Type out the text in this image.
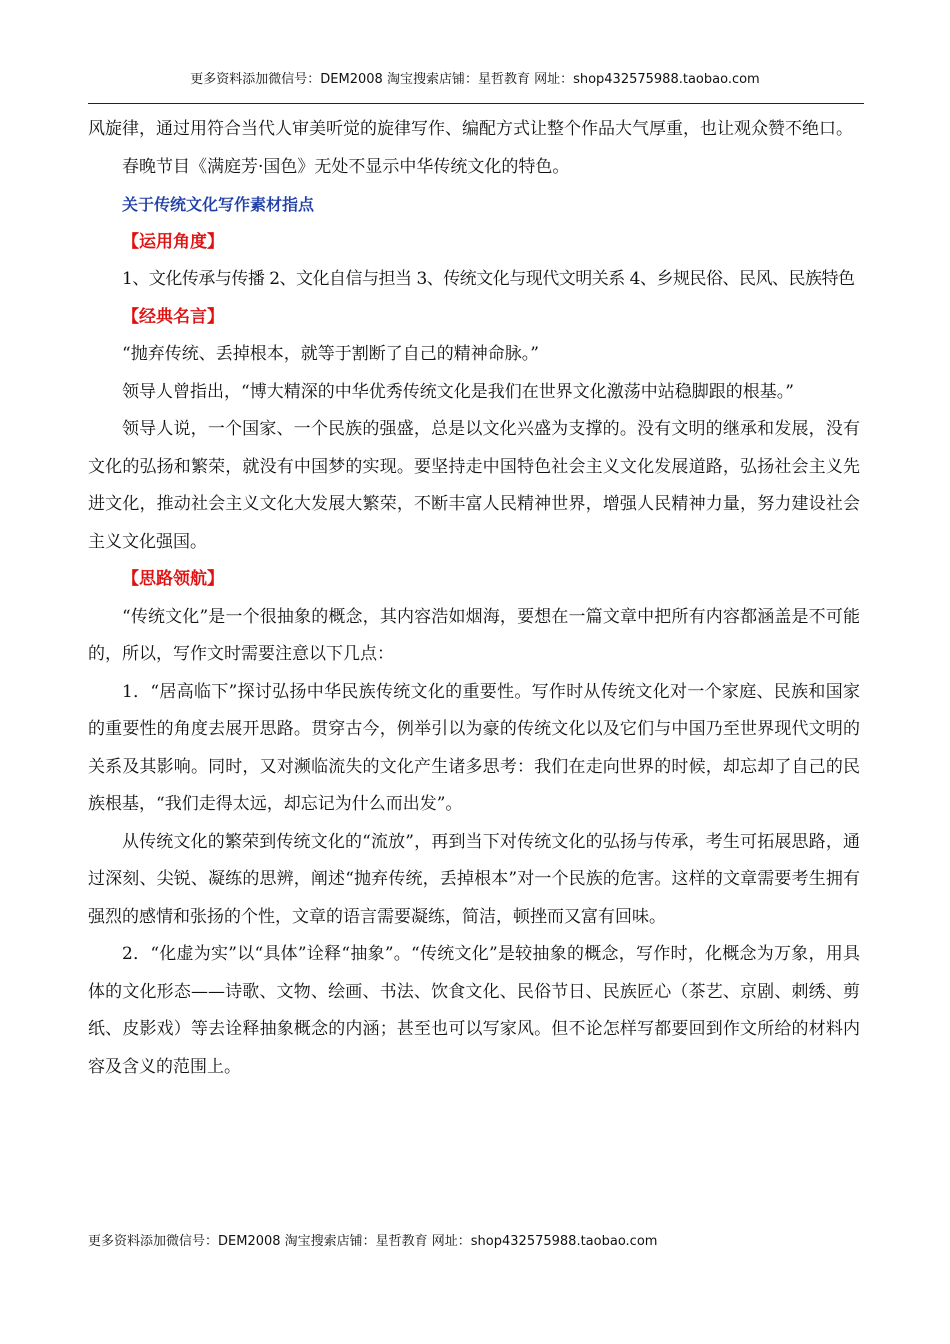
更多资料添加微信号：DEM2008 淘宝搜索店铺：星哲教育 网址：shop432575988.taobao.com

风旋律，通过用符合当代人审美听觉的旋律写作、编配方式让整个作品大气厚重，也让观众赞不绝口。

春晚节目《满庭芳·国色》无处不显示中华传统文化的特色。

关于传统文化写作素材指点

【运用角度】

1、文化传承与传播 2、文化自信与担当 3、传统文化与现代文明关系 4、乡规民俗、民风、民族特色

【经典名言】

“抛弃传统、丢掉根本，就等于割断了自己的精神命脉。”

领导人曾指出，“博大精深的中华优秀传统文化是我们在世界文化激荡中站稳脚跟的根基。”

领导人说，一个国家、一个民族的强盛，总是以文化兴盛为支撑的。没有文明的继承和发展，没有文化的弘扬和繁荣，就没有中国梦的实现。要坚持走中国特色社会主义文化发展道路，弘扬社会主义先进文化，推动社会主义文化大发展大繁荣，不断丰富人民精神世界，增强人民精神力量，努力建设社会主义文化强国。

【思路领航】

“传统文化”是一个很抽象的概念，其内容浩如烟海，要想在一篇文章中把所有内容都涵盖是不可能的，所以，写作文时需要注意以下几点：

1．“居高临下”探讨弘扬中华民族传统文化的重要性。写作时从传统文化对一个家庭、民族和国家的重要性的角度去展开思路。贯穿古今，例举引以为豪的传统文化以及它们与中国乃至世界现代文明的关系及其影响。同时，又对濒临流失的文化产生诸多思考：我们在走向世界的时候，却忘却了自己的民族根基，“我们走得太远，却忘记为什么而出发”。

从传统文化的繁荣到传统文化的“流放”，再到当下对传统文化的弘扬与传承，考生可拓展思路，通过深刻、尖锐、凝练的思辨，阐述“抛弃传统，丢掉根本”对一个民族的危害。这样的文章需要考生拥有强烈的感情和张扬的个性，文章的语言需要凝练，简洁，顿挫而又富有回味。

2．“化虚为实”以“具体”诠释“抽象”。“传统文化”是较抽象的概念，写作时，化概念为万象，用具体的文化形态——诗歌、文物、绘画、书法、饮食文化、民俗节日、民族匠心（茶艺、京剧、刺绣、剪纸、皮影戏）等去诠释抽象概念的内涵；甚至也可以写家风。但不论怎样写都要回到作文所给的材料内容及含义的范围上。

更多资料添加微信号：DEM2008 淘宝搜索店铺：星哲教育 网址：shop432575988.taobao.com
